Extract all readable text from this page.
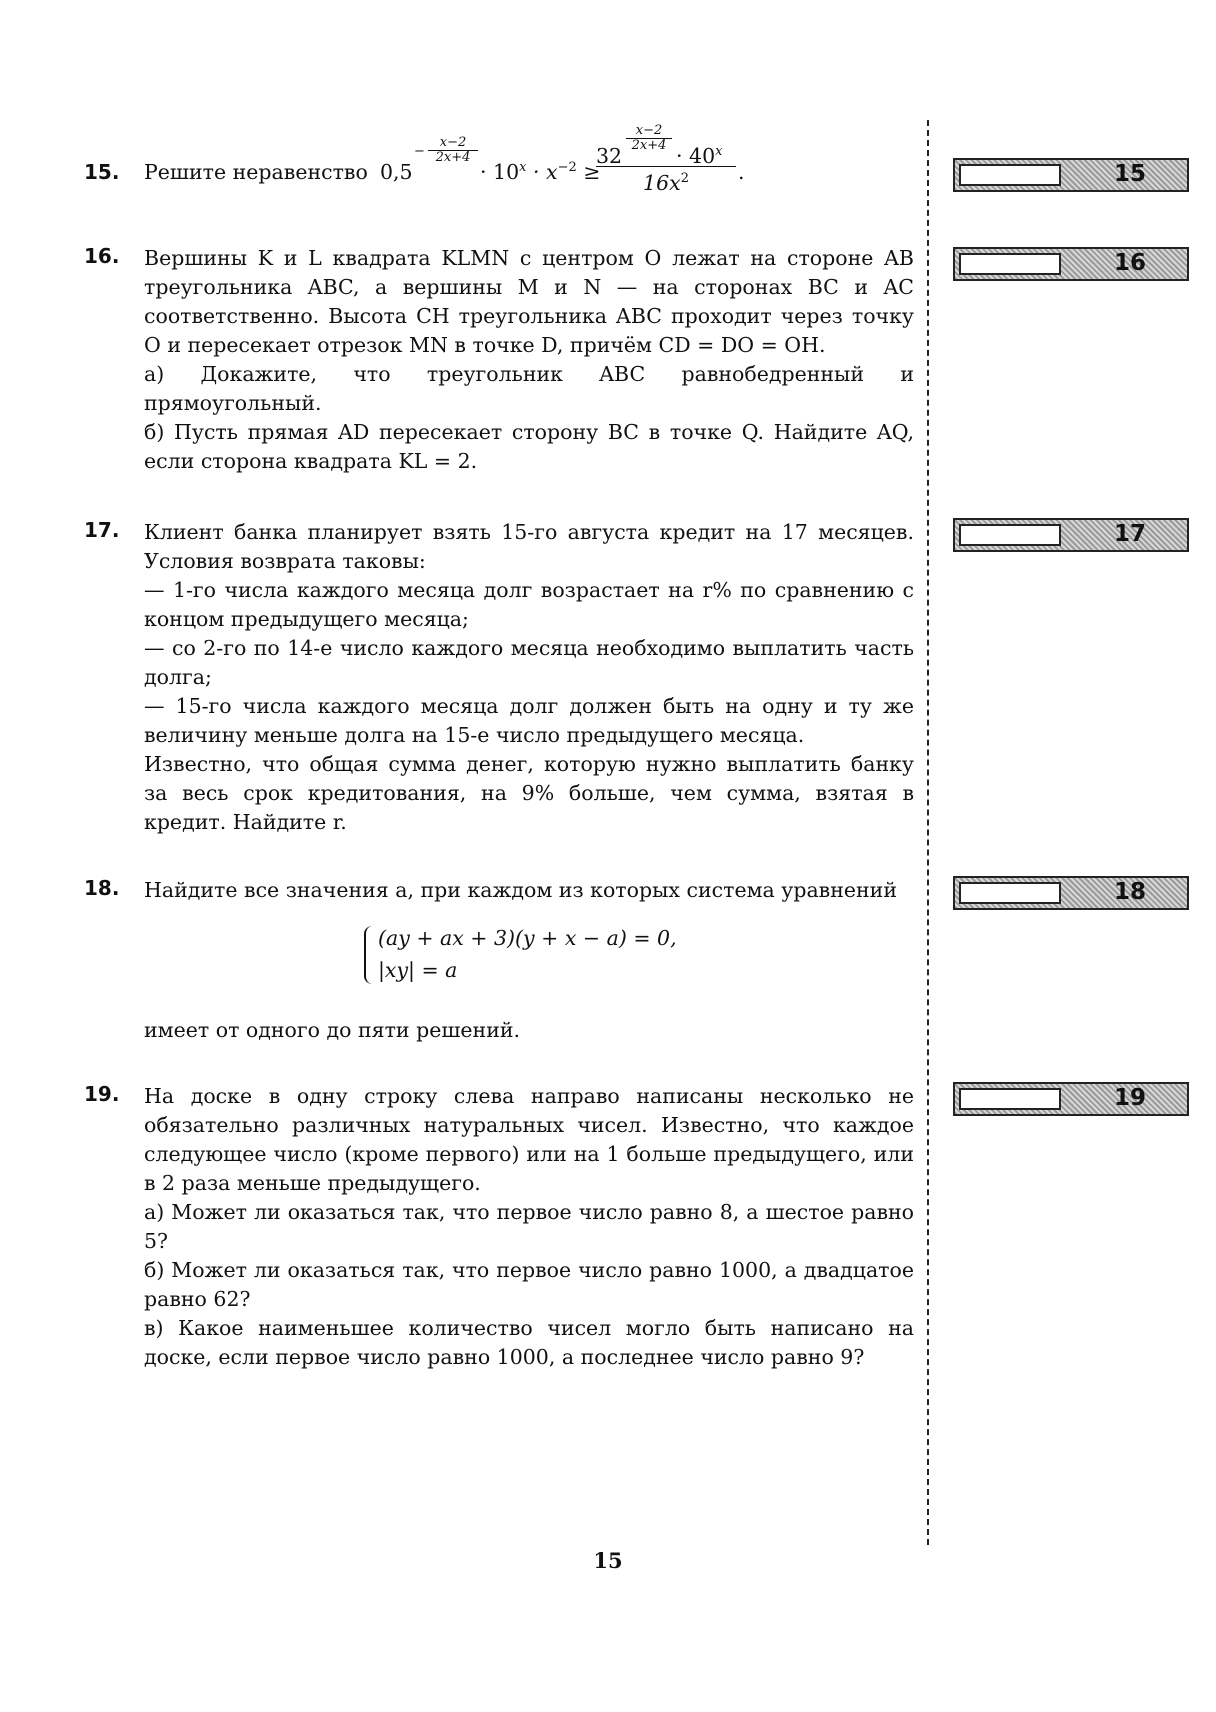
15.	Решите неравенство 0,5
−
x−2
2x+4
· $10^x \cdot x^{-2}$ ≥
32
x−2
$2x+4 \cdot 40^x$
$16x^2$ .
16.	Вершины K и L квадрата KLMN с центром O лежат на стороне AB треугольника ABC, а вершины M и N — на сторонах BC и AC соответственно. Высота CH треугольника ABC проходит через точку O и пересекает отрезок MN в точке D, причём CD = DO = OH.

а) Докажите, что треугольник ABC равнобедренный и прямоугольный.

б) Пусть прямая AD пересекает сторону BC в точке Q. Найдите AQ, если сторона квадрата KL = 2.

17.	Клиент банка планирует взять 15-го августа кредит на 17 месяцев. Условия возврата таковы:

— 1-го числа каждого месяца долг возрастает на r% по сравнению с концом предыдущего месяца;

— со 2-го по 14-е число каждого месяца необходимо выплатить часть долга;

— 15-го числа каждого месяца долг должен быть на одну и ту же величину меньше долга на 15-е число предыдущего месяца.

Известно, что общая сумма денег, которую нужно выплатить банку за весь срок кредитования, на 9% больше, чем сумма, взятая в кредит. Найдите r.

18.	Найдите все значения a, при каждом из которых система уравнений

(ay + ax + 3)(y + x − a) = 0,
|xy| = a

имеет от одного до пяти решений.

19.	На доске в одну строку слева направо написаны несколько не обязательно различных натуральных чисел. Известно, что каждое следующее число (кроме первого) или на 1 больше предыдущего, или в 2 раза меньше предыдущего.

а) Может ли оказаться так, что первое число равно 8, а шестое равно 5?

б) Может ли оказаться так, что первое число равно 1000, а двадцатое равно 62?

в) Какое наименьшее количество чисел могло быть написано на доске, если первое число равно 1000, а последнее число равно 9?

15
16
17
18
19
15
